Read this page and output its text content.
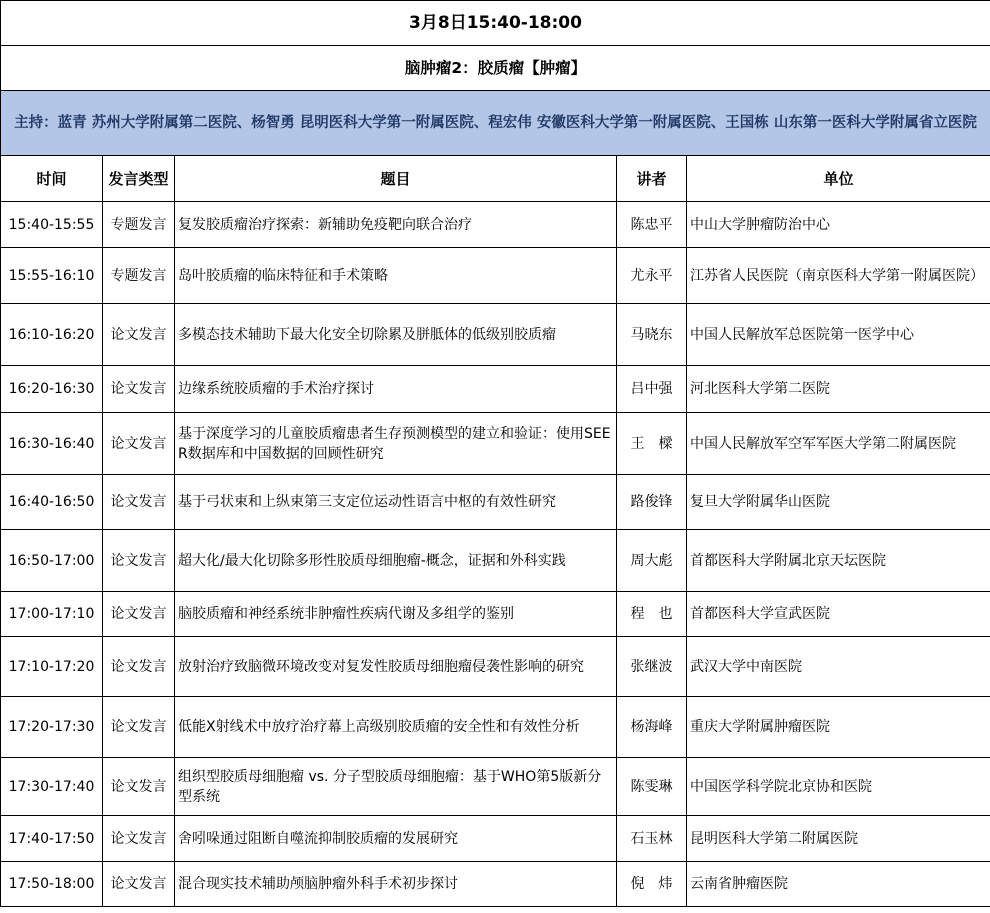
3月8日15:40-18:00				
脑肿瘤2：胶质瘤【肿瘤】				
主持：蓝青 苏州大学附属第二医院、杨智勇 昆明医科大学第一附属医院、程宏伟 安徽医科大学第一附属医院、王国栋 山东第一医科大学附属省立医院				
时间	发言类型	题目	讲者	单位
15:40-15:55	专题发言	复发胶质瘤治疗探索：新辅助免疫靶向联合治疗	陈忠平	中山大学肿瘤防治中心
15:55-16:10	专题发言	岛叶胶质瘤的临床特征和手术策略	尤永平	江苏省人民医院（南京医科大学第一附属医院）
16:10-16:20	论文发言	多模态技术辅助下最大化安全切除累及胼胝体的低级别胶质瘤	马晓东	中国人民解放军总医院第一医学中心
16:20-16:30	论文发言	边缘系统胶质瘤的手术治疗探讨	吕中强	河北医科大学第二医院
16:30-16:40	论文发言	基于深度学习的儿童胶质瘤患者生存预测模型的建立和验证：使用SEER数据库和中国数据的回顾性研究	王　樑	中国人民解放军空军军医大学第二附属医院
16:40-16:50	论文发言	基于弓状束和上纵束第三支定位运动性语言中枢的有效性研究	路俊锋	复旦大学附属华山医院
16:50-17:00	论文发言	超大化/最大化切除多形性胶质母细胞瘤-概念，证据和外科实践	周大彪	首都医科大学附属北京天坛医院
17:00-17:10	论文发言	脑胶质瘤和神经系统非肿瘤性疾病代谢及多组学的鉴别	程　也	首都医科大学宣武医院
17:10-17:20	论文发言	放射治疗致脑微环境改变对复发性胶质母细胞瘤侵袭性影响的研究	张继波	武汉大学中南医院
17:20-17:30	论文发言	低能X射线术中放疗治疗幕上高级别胶质瘤的安全性和有效性分析	杨海峰	重庆大学附属肿瘤医院
17:30-17:40	论文发言	组织型胶质母细胞瘤 vs. 分子型胶质母细胞瘤：基于WHO第5版新分型系统	陈雯琳	中国医学科学院北京协和医院
17:40-17:50	论文发言	舍吲哚通过阻断自噬流抑制胶质瘤的发展研究	石玉林	昆明医科大学第二附属医院
17:50-18:00	论文发言	混合现实技术辅助颅脑肿瘤外科手术初步探讨	倪　炜	云南省肿瘤医院
